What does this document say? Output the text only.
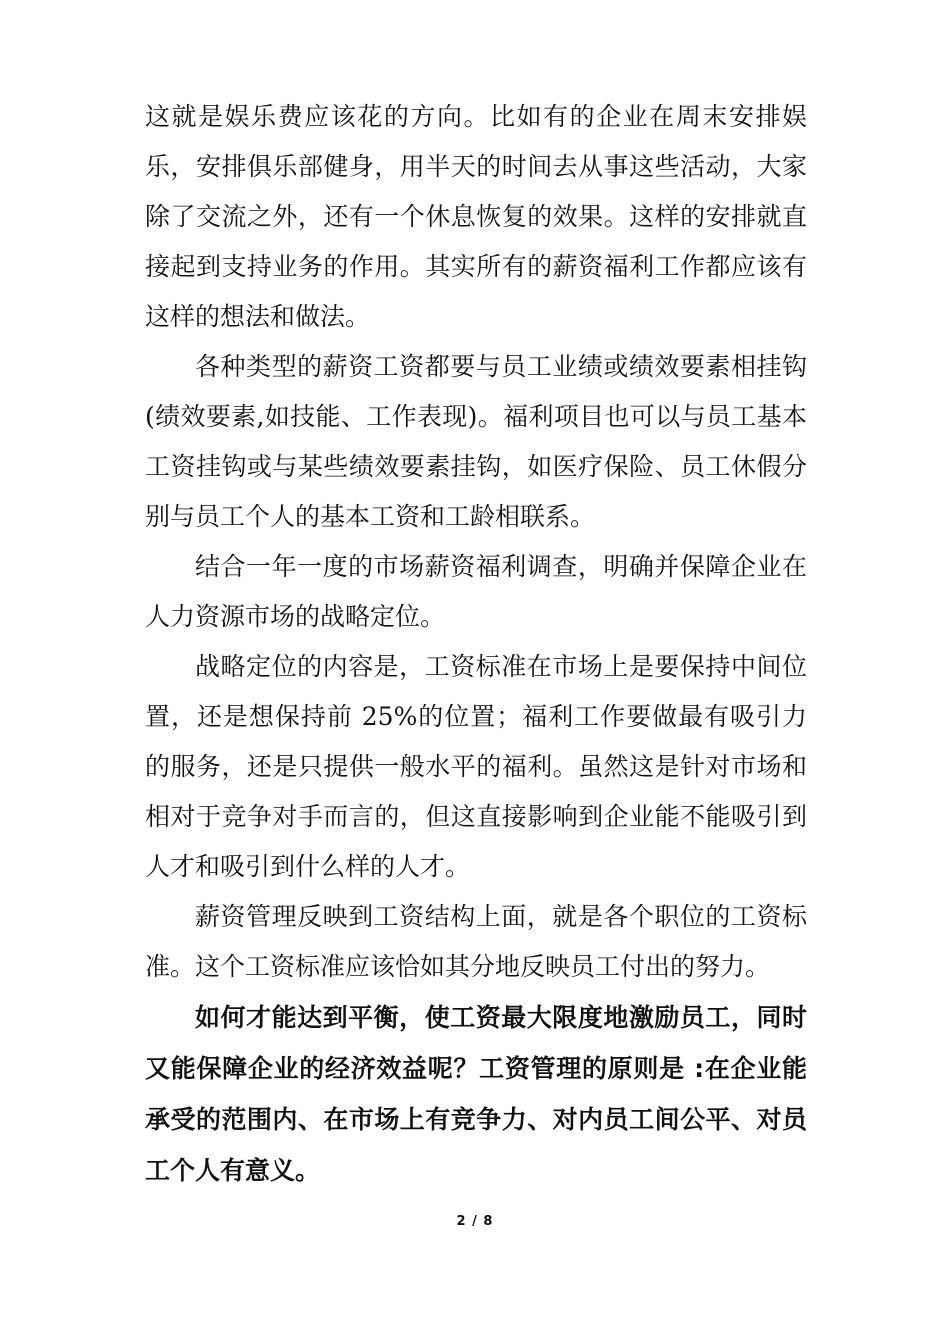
这就是娱乐费应该花的方向。比如有的企业在周末安排娱乐，安排俱乐部健身，用半天的时间去从事这些活动，大家除了交流之外，还有一个休息恢复的效果。这样的安排就直接起到支持业务的作用。其实所有的薪资福利工作都应该有这样的想法和做法。

各种类型的薪资工资都要与员工业绩或绩效要素相挂钩(绩效要素,如技能、工作表现)。福利项目也可以与员工基本工资挂钩或与某些绩效要素挂钩，如医疗保险、员工休假分别与员工个人的基本工资和工龄相联系。

结合一年一度的市场薪资福利调查，明确并保障企业在人力资源市场的战略定位。

战略定位的内容是，工资标准在市场上是要保持中间位置，还是想保持前 25%的位置；福利工作要做最有吸引力的服务，还是只提供一般水平的福利。虽然这是针对市场和相对于竞争对手而言的，但这直接影响到企业能不能吸引到人才和吸引到什么样的人才。

薪资管理反映到工资结构上面，就是各个职位的工资标准。这个工资标准应该恰如其分地反映员工付出的努力。

如何才能达到平衡，使工资最大限度地激励员工，同时又能保障企业的经济效益呢？工资管理的原则是 :在企业能承受的范围内、在市场上有竞争力、对内员工间公平、对员工个人有意义。

2 / 8
